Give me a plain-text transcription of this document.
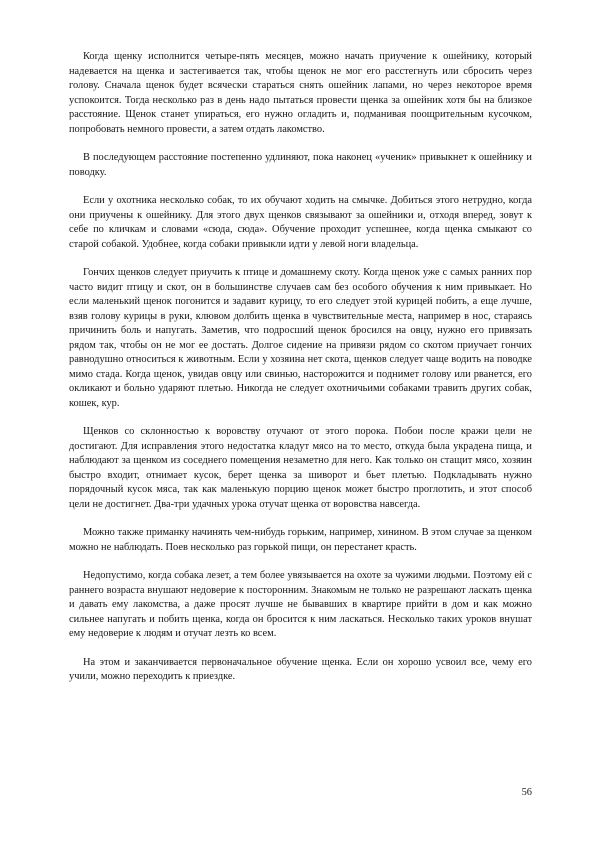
Когда щенку исполнится четыре-пять месяцев, можно начать приучение к ошейнику, который надевается на щенка и застегивается так, чтобы щенок не мог его расстегнуть или сбросить через голову. Сначала щенок будет всячески стараться снять ошейник лапами, но через некоторое время успокоится. Тогда несколько раз в день надо пытаться провести щенка за ошейник хотя бы на близкое расстояние. Щенок станет упираться, его нужно огладить и, подманивая поощрительным кусочком, попробовать немного провести, а затем отдать лакомство.

В последующем расстояние постепенно удлиняют, пока наконец «ученик» привыкнет к ошейнику и поводку.

Если у охотника несколько собак, то их обучают ходить на смычке. Добиться этого нетрудно, когда они приучены к ошейнику. Для этого двух щенков связывают за ошейники и, отходя вперед, зовут к себе по кличкам и словами «сюда, сюда». Обучение проходит успешнее, когда щенка смыкают со старой собакой. Удобнее, когда собаки привыкли идти у левой ноги владельца.

Гончих щенков следует приучить к птице и домашнему скоту. Когда щенок уже с самых ранних пор часто видит птицу и скот, он в большинстве случаев сам без особого обучения к ним привыкает. Но если маленький щенок погонится и задавит курицу, то его следует этой курицей побить, а еще лучше, взяв голову курицы в руки, клювом долбить щенка в чувствительные места, например в нос, стараясь причинить боль и напугать. Заметив, что подросший щенок бросился на овцу, нужно его привязать рядом так, чтобы он не мог ее достать. Долгое сидение на привязи рядом со скотом приучает гончих равнодушно относиться к животным. Если у хозяина нет скота, щенков следует чаще водить на поводке мимо стада. Когда щенок, увидав овцу или свинью, насторожится и поднимет голову или рванется, его окликают и больно ударяют плетью. Никогда не следует охотничьими собаками травить других собак, кошек, кур.

Щенков со склонностью к воровству отучают от этого порока. Побои после кражи цели не достигают. Для исправления этого недостатка кладут мясо на то место, откуда была украдена пища, и наблюдают за щенком из соседнего помещения незаметно для него. Как только он стащит мясо, хозяин быстро входит, отнимает кусок, берет щенка за шиворот и бьет плетью. Подкладывать нужно порядочный кусок мяса, так как маленькую порцию щенок может быстро проглотить, и этот способ цели не достигнет. Два-три удачных урока отучат щенка от воровства навсегда.

Можно также приманку начинять чем-нибудь горьким, например, хинином. В этом случае за щенком можно не наблюдать. Поев несколько раз горькой пищи, он перестанет красть.

Недопустимо, когда собака лезет, а тем более увязывается на охоте за чужими людьми. Поэтому ей с раннего возраста внушают недоверие к посторонним. Знакомым не только не разрешают ласкать щенка и давать ему лакомства, а даже просят лучше не бывавших в квартире прийти в дом и как можно сильнее напугать и побить щенка, когда он бросится к ним ласкаться. Несколько таких уроков внушат ему недоверие к людям и отучат лезть ко всем.

На этом и заканчивается первоначальное обучение щенка. Если он хорошо усвоил все, чему его учили, можно переходить к приездке.

56
